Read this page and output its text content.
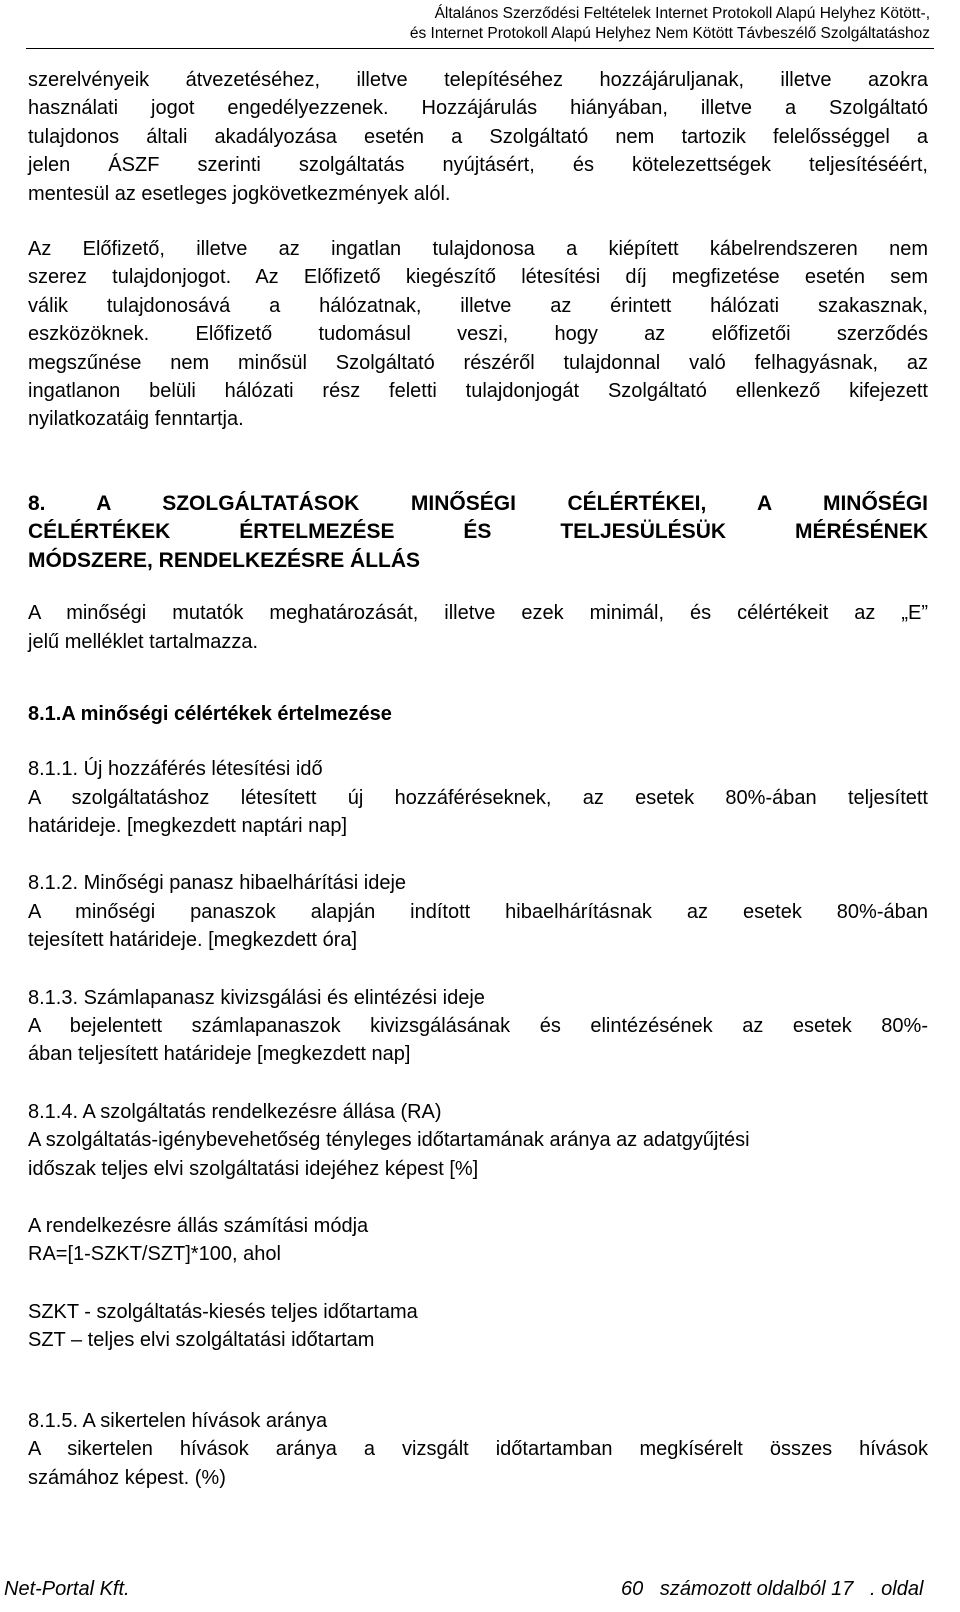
Általános Szerződési Feltételek Internet Protokoll Alapú Helyhez Kötött-,
és Internet Protokoll Alapú Helyhez Nem Kötött Távbeszélő Szolgáltatáshoz
szerelvényeik átvezetéséhez, illetve telepítéséhez hozzájáruljanak, illetve azokra
használati jogot engedélyezzenek. Hozzájárulás hiányában, illetve a Szolgáltató
tulajdonos általi akadályozása esetén a Szolgáltató nem tartozik felelősséggel a
jelen ÁSZF szerinti szolgáltatás nyújtásért, és kötelezettségek teljesítéséért,
mentesül az esetleges jogkövetkezmények alól.
Az Előfizető, illetve az ingatlan tulajdonosa a kiépített kábelrendszeren nem
szerez tulajdonjogot. Az Előfizető kiegészítő létesítési díj megfizetése esetén sem
válik tulajdonosává a hálózatnak, illetve az érintett hálózati szakasznak,
eszközöknek. Előfizető tudomásul veszi, hogy az előfizetői szerződés
megszűnése nem minősül Szolgáltató részéről tulajdonnal való felhagyásnak, az
ingatlanon belüli hálózati rész feletti tulajdonjogát Szolgáltató ellenkező kifejezett
nyilatkozatáig fenntartja.
8. A SZOLGÁLTATÁSOK MINŐSÉGI CÉLÉRTÉKEI, A MINŐSÉGI
CÉLÉRTÉKEK ÉRTELMEZÉSE ÉS TELJESÜLÉSÜK MÉRÉSÉNEK
MÓDSZERE, RENDELKEZÉSRE ÁLLÁS
A minőségi mutatók meghatározását, illetve ezek minimál, és célértékeit az „E”
jelű melléklet tartalmazza.
8.1.A minőségi célértékek értelmezése
8.1.1. Új hozzáférés létesítési idő
A szolgáltatáshoz létesített új hozzáféréseknek, az esetek 80%-ában teljesített
határideje. [megkezdett naptári nap]
8.1.2. Minőségi panasz hibaelhárítási ideje
A minőségi panaszok alapján indított hibaelhárításnak az esetek 80%-ában
tejesített határideje. [megkezdett óra]
8.1.3. Számlapanasz kivizsgálási és elintézési ideje
A bejelentett számlapanaszok kivizsgálásának és elintézésének az esetek 80%-
ában teljesített határideje [megkezdett nap]
8.1.4. A szolgáltatás rendelkezésre állása (RA)
A szolgáltatás-igénybevehetőség tényleges időtartamának aránya az adatgyűjtési
időszak teljes elvi szolgáltatási idejéhez képest [%]
A rendelkezésre állás számítási módja
RA=[1-SZKT/SZT]*100, ahol
SZKT - szolgáltatás-kiesés teljes időtartama
SZT – teljes elvi szolgáltatási időtartam
8.1.5. A sikertelen hívások aránya
A sikertelen hívások aránya a vizsgált időtartamban megkísérelt összes hívások
számához képest. (%)
Net-Portal Kft.	60   számozott oldalból 17   . oldal
